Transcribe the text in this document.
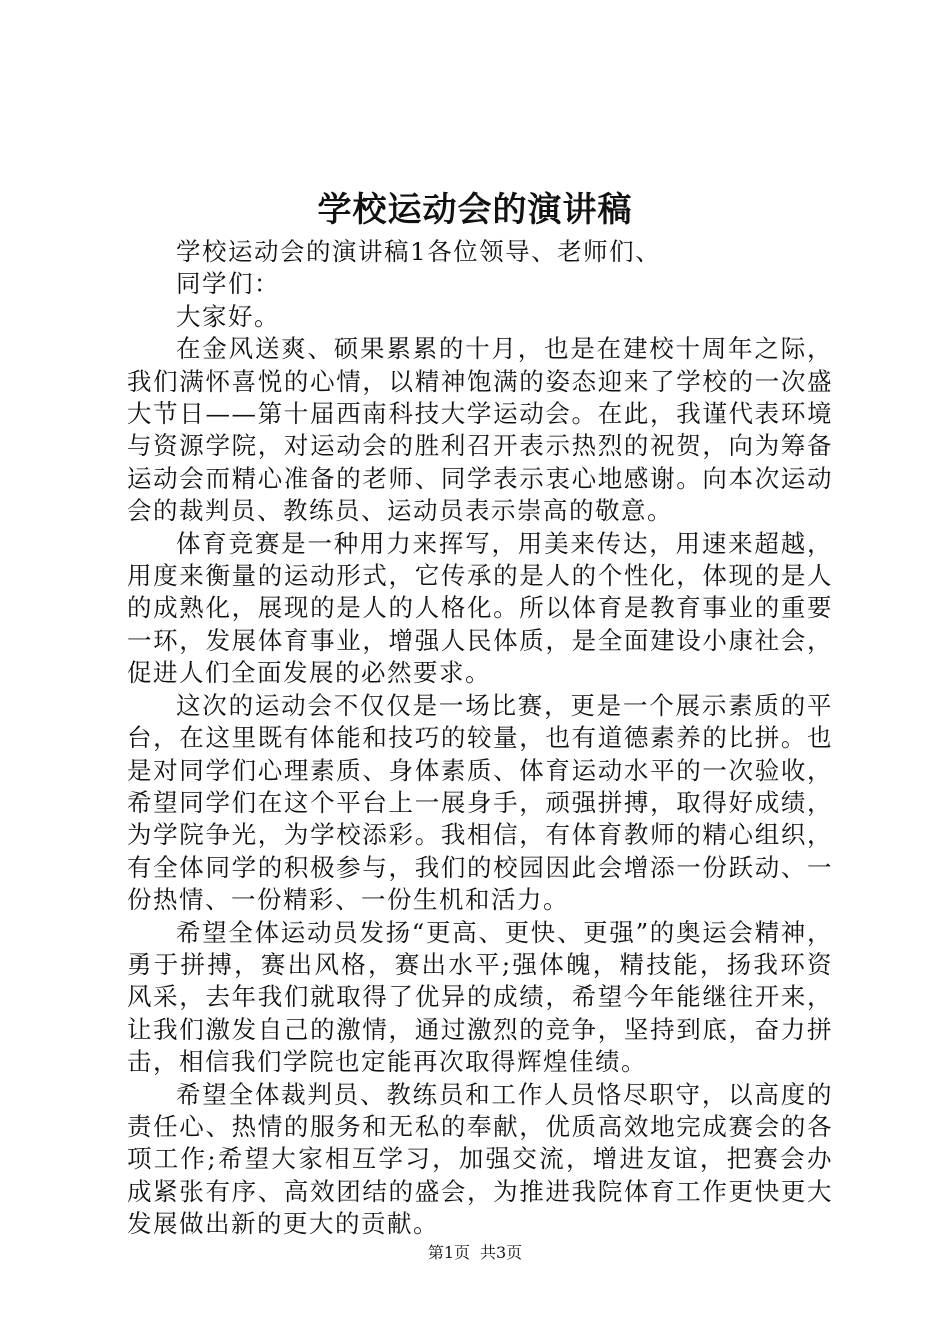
学校运动会的演讲稿

学校运动会的演讲稿1各位领导、老师们、

同学们：

大家好。

在金风送爽、硕果累累的十月，也是在建校十周年之际，我们满怀喜悦的心情，以精神饱满的姿态迎来了学校的一次盛大节日——第十届西南科技大学运动会。在此，我谨代表环境与资源学院，对运动会的胜利召开表示热烈的祝贺，向为筹备运动会而精心准备的老师、同学表示衷心地感谢。向本次运动会的裁判员、教练员、运动员表示崇高的敬意。

体育竞赛是一种用力来挥写，用美来传达，用速来超越，用度来衡量的运动形式，它传承的是人的个性化，体现的是人的成熟化，展现的是人的人格化。所以体育是教育事业的重要一环，发展体育事业，增强人民体质，是全面建设小康社会，促进人们全面发展的必然要求。

这次的运动会不仅仅是一场比赛，更是一个展示素质的平台，在这里既有体能和技巧的较量，也有道德素养的比拼。也是对同学们心理素质、身体素质、体育运动水平的一次验收，希望同学们在这个平台上一展身手，顽强拼搏，取得好成绩，为学院争光，为学校添彩。我相信，有体育教师的精心组织，有全体同学的积极参与，我们的校园因此会增添一份跃动、一份热情、一份精彩、一份生机和活力。

希望全体运动员发扬“更高、更快、更强”的奥运会精神，勇于拼搏，赛出风格，赛出水平;强体魄，精技能，扬我环资风采，去年我们就取得了优异的成绩，希望今年能继往开来，让我们激发自己的激情，通过激烈的竞争，坚持到底，奋力拼击，相信我们学院也定能再次取得辉煌佳绩。

希望全体裁判员、教练员和工作人员恪尽职守，以高度的责任心、热情的服务和无私的奉献，优质高效地完成赛会的各项工作;希望大家相互学习，加强交流，增进友谊，把赛会办成紧张有序、高效团结的盛会，为推进我院体育工作更快更大发展做出新的更大的贡献。

第1页 共3页
